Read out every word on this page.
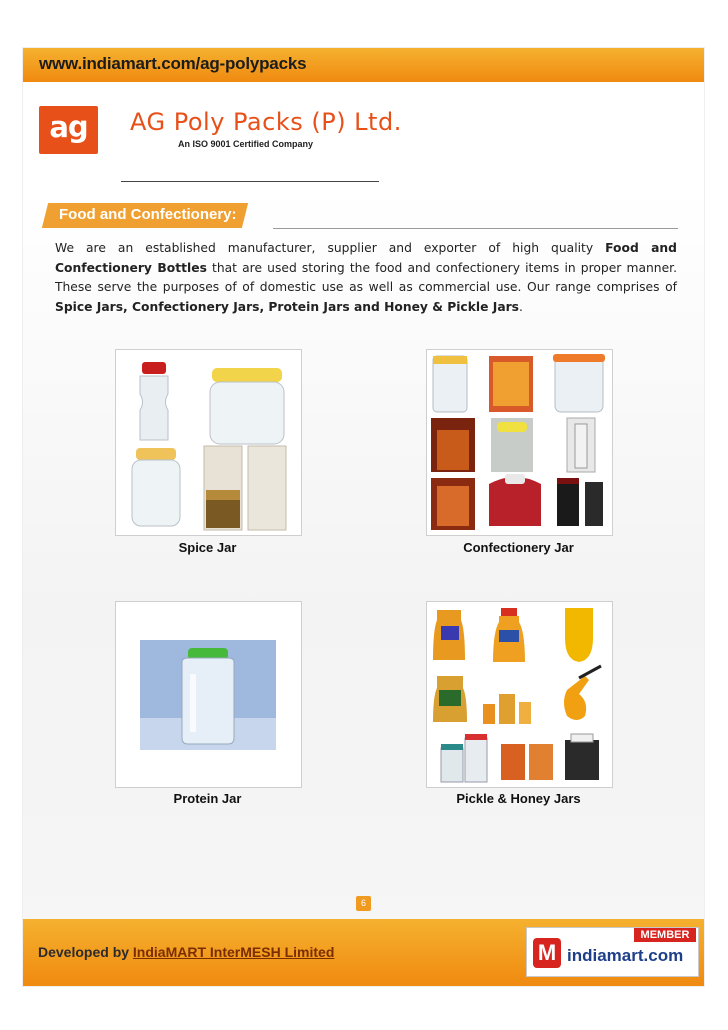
www.indiamart.com/ag-polypacks
ag	AG Poly Packs (P) Ltd.
An ISO 9001 Certified Company
Food and Confectionery:
We are an established manufacturer, supplier and exporter of high quality Food and Confectionery Bottles that are used storing the food and confectionery items in proper manner. These serve the purposes of of domestic use as well as commercial use. Our range comprises of Spice Jars, Confectionery Jars, Protein Jars and Honey & Pickle Jars.
Spice Jar	Confectionery Jar
Protein Jar	Pickle & Honey Jars
6
Developed by IndiaMART InterMESH Limited
MEMBER
M indiamart.com
